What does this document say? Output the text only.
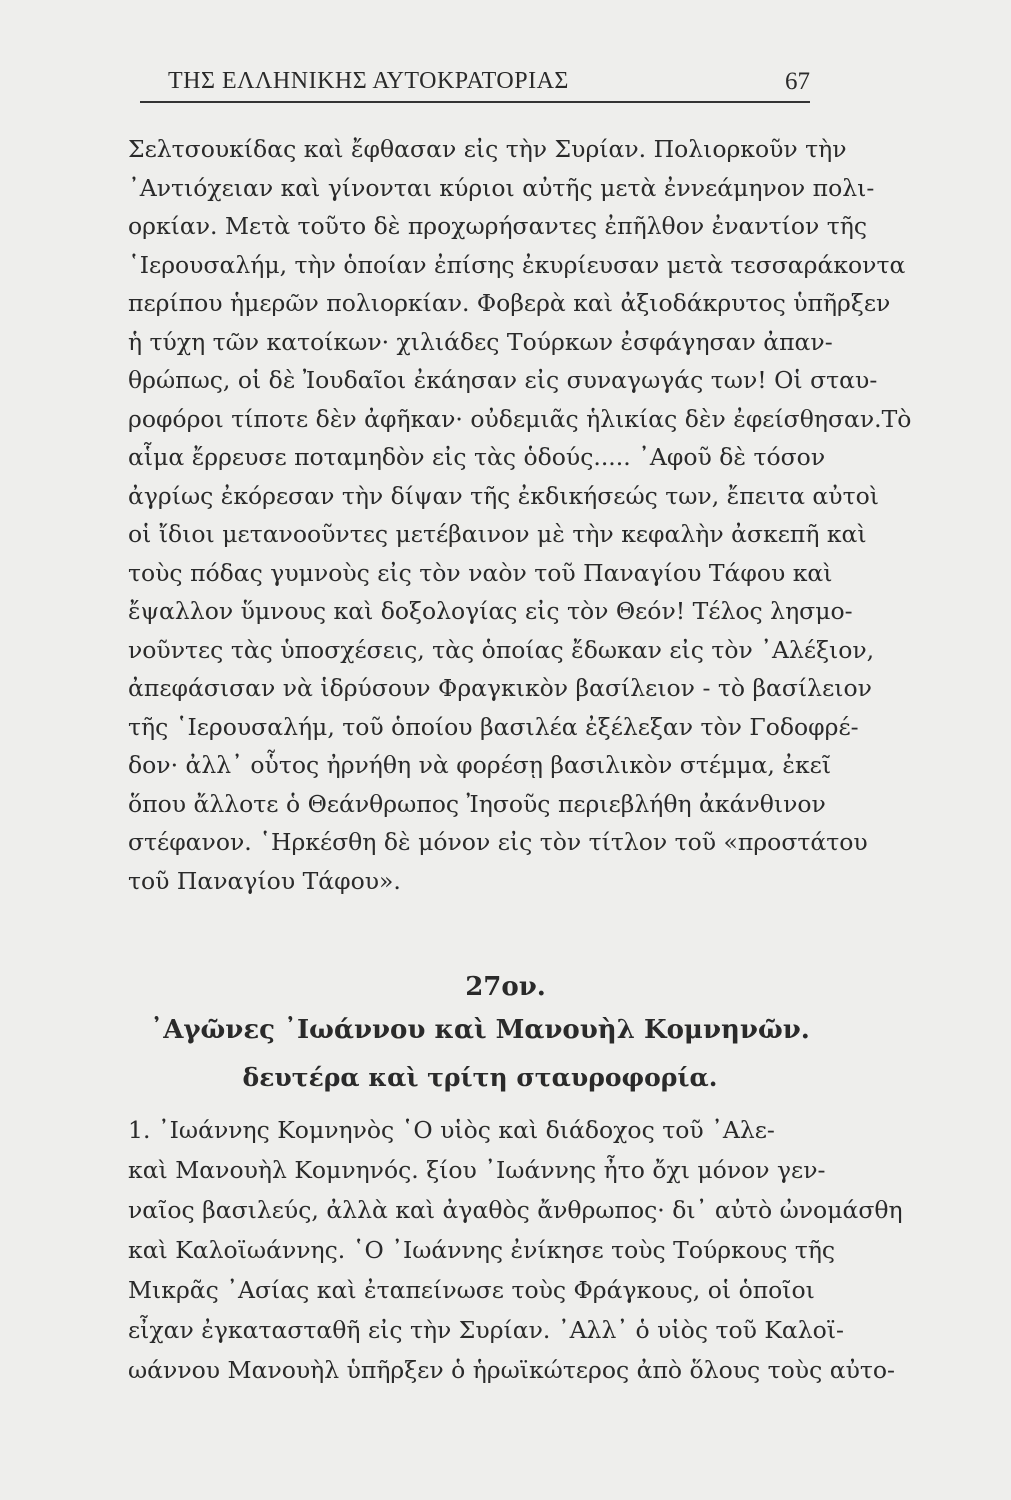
ΤΗΣ ΕΛΛΗΝΙΚΗΣ ΑΥΤΟΚΡΑΤΟΡΙΑΣ	67
Σελτσουκίδας καὶ ἔφθασαν εἰς τὴν Συρίαν. Πολιορκοῦν τὴν
᾿Αντιόχειαν καὶ γίνονται κύριοι αὐτῆς μετὰ ἐννεάμηνον πολι-
ορκίαν. Μετὰ τοῦτο δὲ προχωρήσαντες ἐπῆλθον ἐναντίον τῆς
῾Ιερουσαλήμ, τὴν ὁποίαν ἐπίσης ἐκυρίευσαν μετὰ τεσσαράκοντα
περίπου ἡμερῶν πολιορκίαν. Φοβερὰ καὶ ἀξιοδάκρυτος ὑπῆρξεν
ἡ τύχη τῶν κατοίκων· χιλιάδες Τούρκων ἐσφάγησαν ἀπαν-
θρώπως, οἱ δὲ Ἰουδαῖοι ἐκάησαν εἰς συναγωγάς των! Οἱ σταυ-
ροφόροι τίποτε δὲν ἀφῆκαν· οὐδεμιᾶς ἡλικίας δὲν ἐφείσθησαν.Τὸ
αἷμα ἔρρευσε ποταμηδὸν εἰς τὰς ὁδούς..... ᾿Αφοῦ δὲ τόσον
ἀγρίως ἐκόρεσαν τὴν δίψαν τῆς ἐκδικήσεώς των, ἔπειτα αὐτοὶ
οἱ ἴδιοι μετανοοῦντες μετέβαινον μὲ τὴν κεφαλὴν ἀσκεπῆ καὶ
τοὺς πόδας γυμνοὺς εἰς τὸν ναὸν τοῦ Παναγίου Τάφου καὶ
ἔψαλλον ὕμνους καὶ δοξολογίας εἰς τὸν Θεόν! Τέλος λησμο-
νοῦντες τὰς ὑποσχέσεις, τὰς ὁποίας ἔδωκαν εἰς τὸν ᾿Αλέξιον,
ἀπεφάσισαν νὰ ἱδρύσουν Φραγκικὸν βασίλειον - τὸ βασίλειον
τῆς ῾Ιερουσαλήμ, τοῦ ὁποίου βασιλέα ἐξέλεξαν τὸν Γοδοφρέ-
δον· ἀλλ᾿ οὗτος ἠρνήθη νὰ φορέσῃ βασιλικὸν στέμμα, ἐκεῖ
ὅπου ἄλλοτε ὁ Θεάνθρωπος Ἰησοῦς περιεβλήθη ἀκάνθινον
στέφανον. ῾Ηρκέσθη δὲ μόνον εἰς τὸν τίτλον τοῦ «προστάτου
τοῦ Παναγίου Τάφου».
27ον.
᾿Αγῶνες ᾿Ιωάννου καὶ Μανουὴλ Κομνηνῶν.
δευτέρα καὶ τρίτη σταυροφορία.
1. ᾿Ιωάννης Κομνηνὸς ῾Ο υἱὸς καὶ διάδοχος τοῦ ᾿Αλε-
καὶ Μανουὴλ Κομνηνός. ξίου ᾿Ιωάννης ἦτο ὄχι μόνον γεν-
ναῖος βασιλεύς, ἀλλὰ καὶ ἀγαθὸς ἄνθρωπος· δι᾿ αὐτὸ ὠνομάσθη
καὶ Καλοϊωάννης. ῾Ο ᾿Ιωάννης ἐνίκησε τοὺς Τούρκους τῆς
Μικρᾶς ᾿Ασίας καὶ ἐταπείνωσε τοὺς Φράγκους, οἱ ὁποῖοι
εἶχαν ἐγκατασταθῆ εἰς τὴν Συρίαν. ᾿Αλλ᾿ ὁ υἱὸς τοῦ Καλοϊ-
ωάννου Μανουὴλ ὑπῆρξεν ὁ ἡρωϊκώτερος ἀπὸ ὅλους τοὺς αὐτο-
